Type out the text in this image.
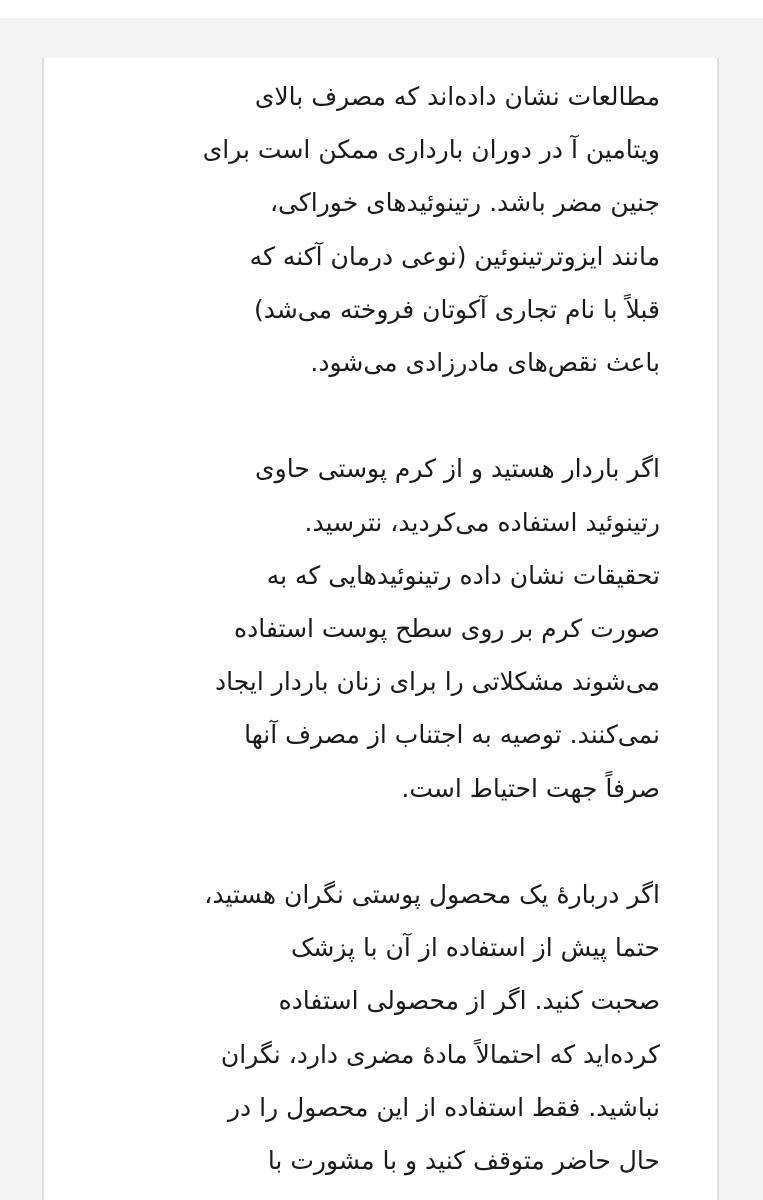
مطالعات نشان داده‌اند که مصرف بالای
ویتامین آ در دوران بارداری ممکن است برای
جنین مضر باشد. رتینوئیدهای خوراکی،
مانند ایزوترتینوئین (نوعی درمان آکنه که
قبلاً با نام تجاری آکوتان فروخته می‌شد)
باعث نقص‌های مادرزادی می‌شود.

اگر باردار هستید و از کرم پوستی حاوی
رتینوئید استفاده می‌کردید، نترسید.
تحقیقات نشان داده رتینوئیدهایی که به
صورت کرم بر روی سطح پوست استفاده
می‌شوند مشکلاتی را برای زنان باردار ایجاد
نمی‌کنند. توصیه به اجتناب از مصرف آنها
صرفاً جهت احتیاط است.

اگر دربارهٔ یک محصول پوستی نگران هستید،
حتما پیش از استفاده از آن با پزشک
صحبت کنید. اگر از محصولی استفاده
کرده‌اید که احتمالاً مادهٔ مضری دارد، نگران
نباشید. فقط استفاده از این محصول را در
حال حاضر متوقف کنید و با مشورت با
